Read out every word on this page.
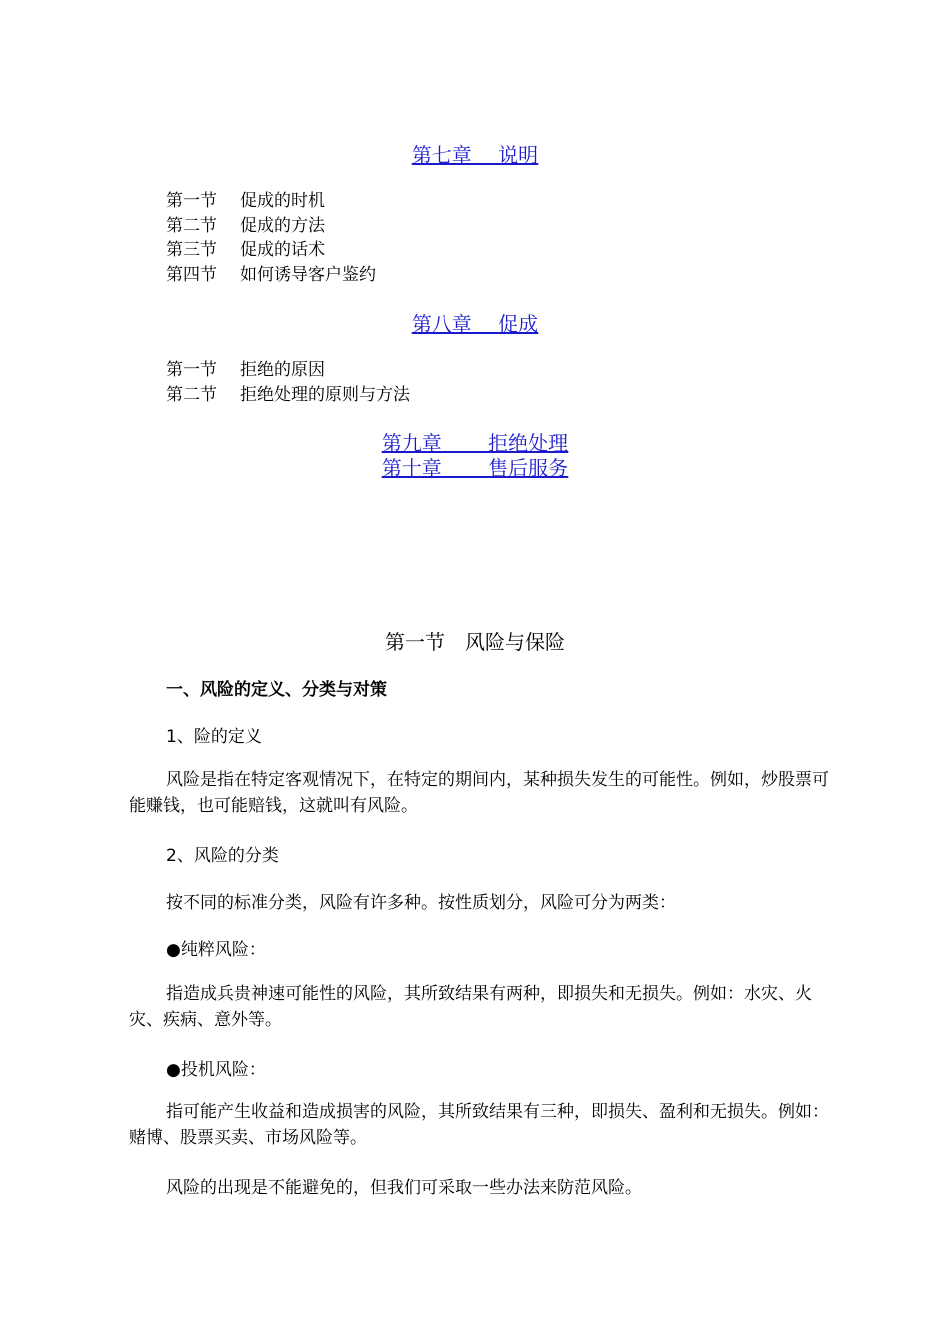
第七章　 说明
第一节 促成的时机
第二节 促成的方法
第三节 促成的话术
第四节 如何诱导客户鉴约
第八章　 促成
第一节 拒绝的原因
第二节 拒绝处理的原则与方法
第九章　　 拒绝处理
第十章　　 售后服务
第一节　 风险与保险
一、风险的定义、分类与对策
1、险的定义
风险是指在特定客观情况下，在特定的期间内，某种损失发生的可能性。例如，炒股票可能赚钱，也可能赔钱，这就叫有风险。
2、风险的分类
按不同的标准分类，风险有许多种。按性质划分，风险可分为两类：
●纯粹风险：
指造成兵贵神速可能性的风险，其所致结果有两种，即损失和无损失。例如：水灾、火灾、疾病、意外等。
●投机风险：
指可能产生收益和造成损害的风险，其所致结果有三种，即损失、盈利和无损失。例如：赌博、股票买卖、市场风险等。
风险的出现是不能避免的，但我们可采取一些办法来防范风险。
